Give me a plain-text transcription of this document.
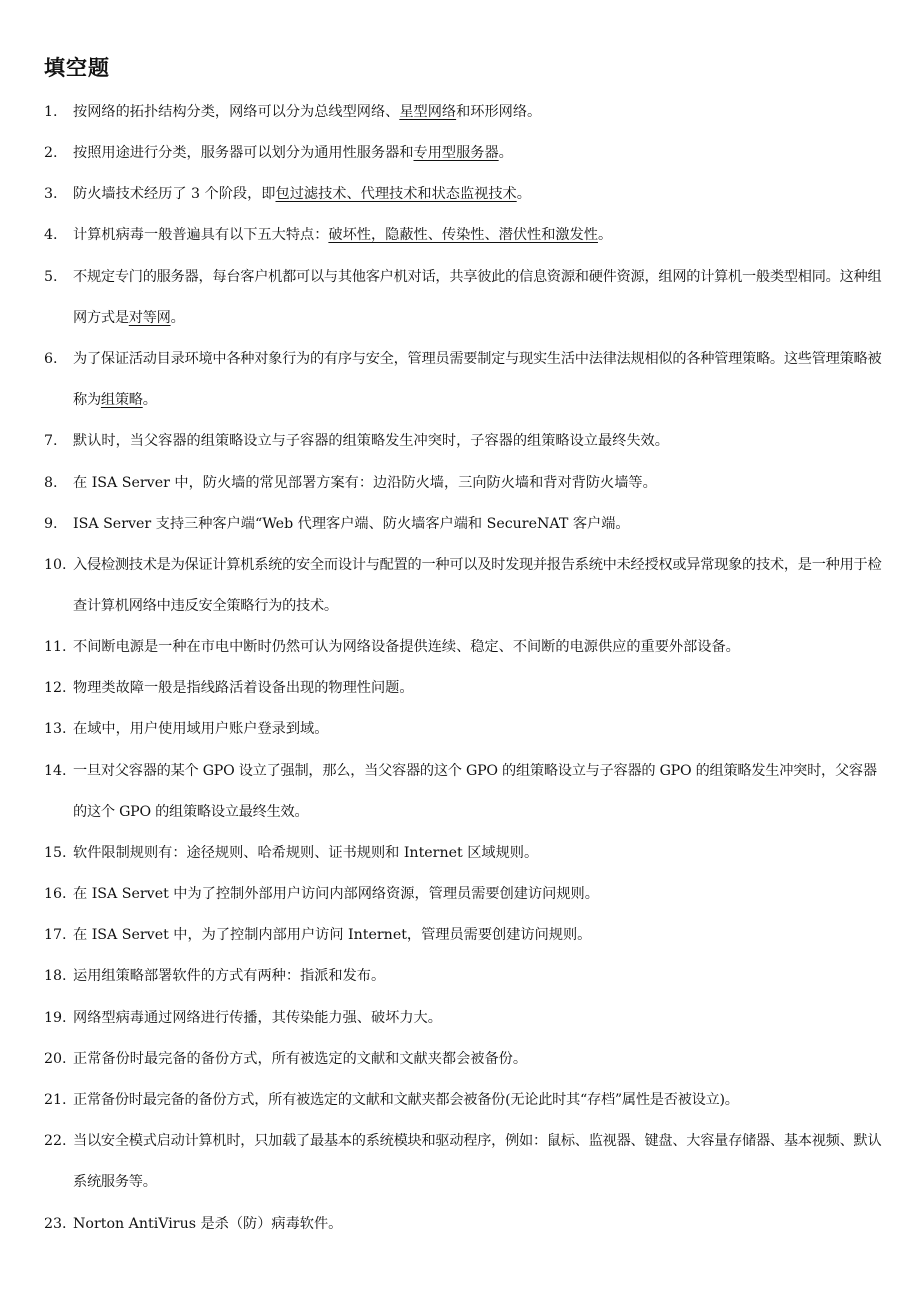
填空题
1. 按网络的拓扑结构分类，网络可以分为总线型网络、星型网络和环形网络。
2. 按照用途进行分类，服务器可以划分为通用性服务器和专用型服务器。
3. 防火墙技术经历了 3 个阶段，即包过滤技术、代理技术和状态监视技术。
4. 计算机病毒一般普遍具有以下五大特点：破坏性，隐蔽性、传染性、潜伏性和激发性。
5. 不规定专门的服务器，每台客户机都可以与其他客户机对话，共享彼此的信息资源和硬件资源，组网的计算机一般类型相同。这种组网方式是对等网。
6. 为了保证活动目录环境中各种对象行为的有序与安全，管理员需要制定与现实生活中法律法规相似的各种管理策略。这些管理策略被称为组策略。
7. 默认时，当父容器的组策略设立与子容器的组策略发生冲突时，子容器的组策略设立最终失效。
8. 在 ISA Server 中，防火墙的常见部署方案有：边沿防火墙，三向防火墙和背对背防火墙等。
9. ISA Server 支持三种客户端“Web 代理客户端、防火墙客户端和 SecureNAT 客户端。
10. 入侵检测技术是为保证计算机系统的安全而设计与配置的一种可以及时发现并报告系统中未经授权或异常现象的技术，是一种用于检查计算机网络中违反安全策略行为的技术。
11. 不间断电源是一种在市电中断时仍然可认为网络设备提供连续、稳定、不间断的电源供应的重要外部设备。
12. 物理类故障一般是指线路活着设备出现的物理性问题。
13. 在域中，用户使用域用户账户登录到域。
14. 一旦对父容器的某个 GPO 设立了强制，那么，当父容器的这个 GPO 的组策略设立与子容器的 GPO 的组策略发生冲突时，父容器的这个 GPO 的组策略设立最终生效。
15. 软件限制规则有：途径规则、哈希规则、证书规则和 Internet 区域规则。
16. 在 ISA Servet 中为了控制外部用户访问内部网络资源，管理员需要创建访问规则。
17. 在 ISA Servet 中，为了控制内部用户访问 Internet，管理员需要创建访问规则。
18. 运用组策略部署软件的方式有两种：指派和发布。
19. 网络型病毒通过网络进行传播，其传染能力强、破坏力大。
20. 正常备份时最完备的备份方式，所有被选定的文献和文献夹都会被备份。
21. 正常备份时最完备的备份方式，所有被选定的文献和文献夹都会被备份(无论此时其“存档”属性是否被设立)。
22. 当以安全模式启动计算机时，只加载了最基本的系统模块和驱动程序，例如：鼠标、监视器、键盘、大容量存储器、基本视频、默认系统服务等。
23. Norton AntiVirus 是杀（防）病毒软件。
